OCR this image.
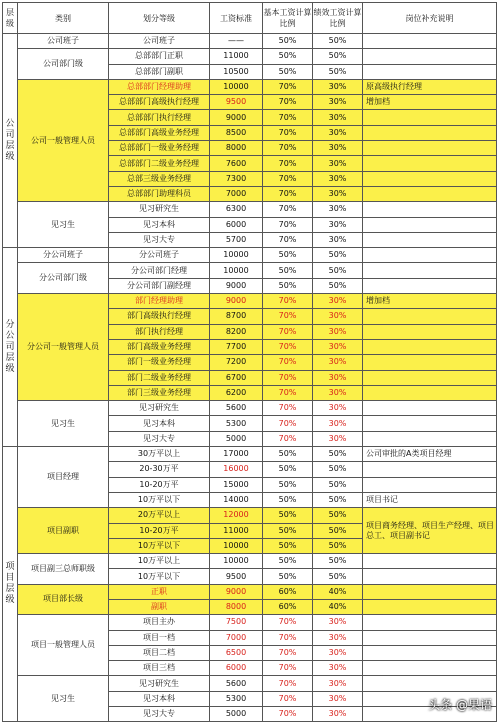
层级	类别	划分等级	工资标准	基本工资计算比例	绩效工资计算比例	岗位补充说明
公司层级	公司班子	公司班子	——	50%	50%	
	公司部门级	总部部门正职	11000	50%	50%	
		总部部门副职	10500	50%	50%	
	公司一般管理人员	总部部门经理助理	10000	70%	30%	原高级执行经理
		总部部门高级执行经理	9500	70%	30%	增加档
		总部部门执行经理	9000	70%	30%	
		总部部门高级业务经理	8500	70%	30%	
		总部部门一级业务经理	8000	70%	30%	
		总部部门二级业务经理	7600	70%	30%	
		总部三级业务经理	7300	70%	30%	
		总部部门助理科员	7000	70%	30%	
	见习生	见习研究生	6300	70%	30%	
		见习本科	6000	70%	30%	
		见习大专	5700	70%	30%	
分公司层级	分公司班子	分公司班子	10000	50%	50%	
	分公司部门级	分公司部门经理	10000	50%	50%	
		分公司部门副经理	9000	50%	50%	
	分公司一般管理人员	部门经理助理	9000	70%	30%	增加档
		部门高级执行经理	8700	70%	30%	
		部门执行经理	8200	70%	30%	
		部门高级业务经理	7700	70%	30%	
		部门一级业务经理	7200	70%	30%	
		部门二级业务经理	6700	70%	30%	
		部门三级业务经理	6200	70%	30%	
	见习生	见习研究生	5600	70%	30%	
		见习本科	5300	70%	30%	
		见习大专	5000	70%	30%	
项目层级	项目经理	30万平以上	17000	50%	50%	公司审批的A类项目经理
		20-30万平	16000	50%	50%	
		10-20万平	15000	50%	50%	
		10万平以下	14000	50%	50%	项目书记
	项目副职	20万平以上	12000	50%	50%	项目商务经理、项目生产经理、项目总工、项目副书记
		10-20万平	11000	50%	50%	
		10万平以下	10000	50%	50%	
	项目副三总师职级	10万平以上	10000	50%	50%	
		10万平以下	9500	50%	50%	
	项目部长级	正职	9000	60%	40%	
		副职	8000	60%	40%	
	项目一般管理人员	项目主办	7500	70%	30%	
		项目一档	7000	70%	30%	
		项目二档	6500	70%	30%	
		项目三档	6000	70%	30%	
	见习生	见习研究生	5600	70%	30%	
		见习本科	5300	70%	30%	
		见习大专	5000	70%	30%	
头条 @果语
